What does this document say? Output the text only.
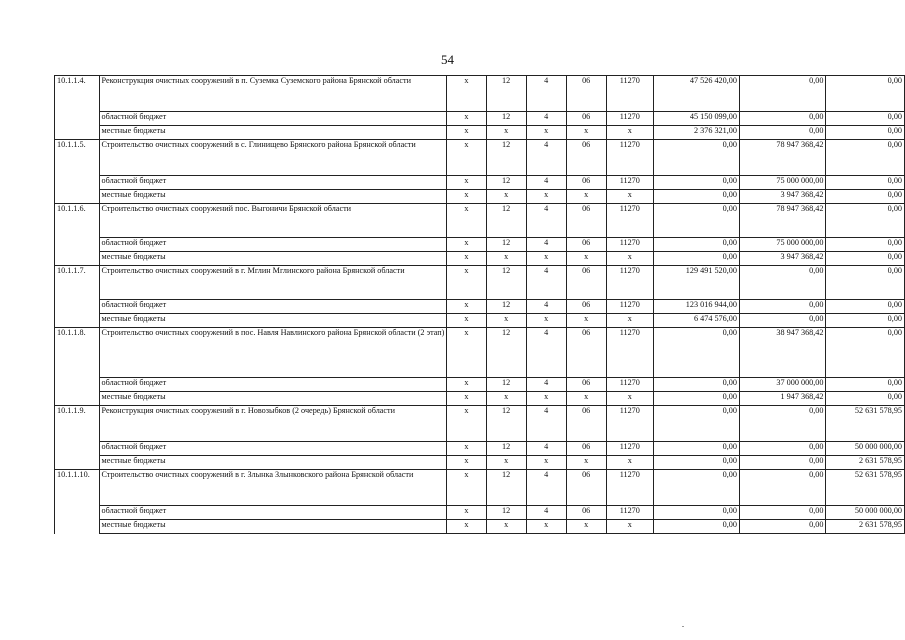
54
10.1.1.4.	Реконструкция очистных сооружений в п. Суземка Суземского района Брянской области	х	12	4	06	11270	47 526 420,00	0,00	0,00
	областной бюджет	х	12	4	06	11270	45 150 099,00	0,00	0,00
	местные бюджеты	х	х	х	х	х	2 376 321,00	0,00	0,00
10.1.1.5.	Строительство очистных сооружений в с. Глинищево Брянского района Брянской области	х	12	4	06	11270	0,00	78 947 368,42	0,00
	областной бюджет	х	12	4	06	11270	0,00	75 000 000,00	0,00
	местные бюджеты	х	х	х	х	х	0,00	3 947 368,42	0,00
10.1.1.6.	Строительство очистных сооружений пос. Выгоничи Брянской области	х	12	4	06	11270	0,00	78 947 368,42	0,00
	областной бюджет	х	12	4	06	11270	0,00	75 000 000,00	0,00
	местные бюджеты	х	х	х	х	х	0,00	3 947 368,42	0,00
10.1.1.7.	Строительство очистных сооружений в г. Мглин Мглинского района Брянской области	х	12	4	06	11270	129 491 520,00	0,00	0,00
	областной бюджет	х	12	4	06	11270	123 016 944,00	0,00	0,00
	местные бюджеты	х	х	х	х	х	6 474 576,00	0,00	0,00
10.1.1.8.	Строительство очистных сооружений в пос. Навля Навлинского района Брянской области (2 этап)	х	12	4	06	11270	0,00	38 947 368,42	0,00
	областной бюджет	х	12	4	06	11270	0,00	37 000 000,00	0,00
	местные бюджеты	х	х	х	х	х	0,00	1 947 368,42	0,00
10.1.1.9.	Реконструкция очистных сооружений в г. Новозыбков (2 очередь) Брянской области	х	12	4	06	11270	0,00	0,00	52 631 578,95
	областной бюджет	х	12	4	06	11270	0,00	0,00	50 000 000,00
	местные бюджеты	х	х	х	х	х	0,00	0,00	2 631 578,95
10.1.1.10.	Строительство очистных сооружений в г. Злынка Злынковского района Брянской области	х	12	4	06	11270	0,00	0,00	52 631 578,95
	областной бюджет	х	12	4	06	11270	0,00	0,00	50 000 000,00
	местные бюджеты	х	х	х	х	х	0,00	0,00	2 631 578,95
